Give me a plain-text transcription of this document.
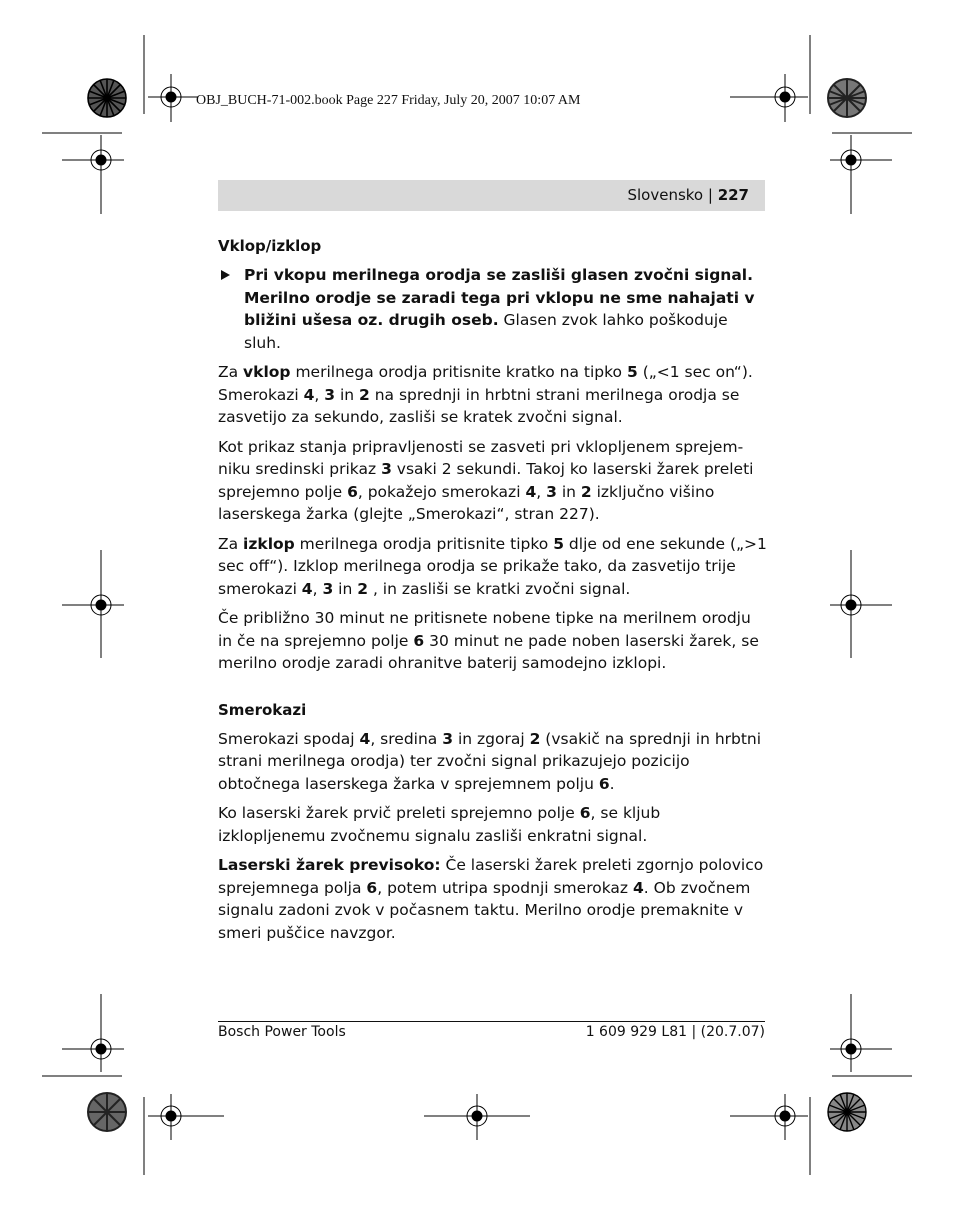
OBJ_BUCH-71-002.book Page 227 Friday, July 20, 2007 10:07 AM
Slovensko | 227
Vklop/izklop
Pri vkopu merilnega orodja se zasliši glasen zvočni signal. Merilno orodje se zaradi tega pri vklopu ne sme nahajati v bližini ušesa oz. drugih oseb. Glasen zvok lahko poškoduje sluh.

Za vklop merilnega orodja pritisnite kratko na tipko 5 („<1 sec on“). Smerokazi 4, 3 in 2 na sprednji in hrbtni strani merilnega orodja se zasvetijo za sekundo, zasliši se kratek zvočni signal.

Kot prikaz stanja pripravljenosti se zasveti pri vklopljenem sprejemniku sredinski prikaz 3 vsaki 2 sekundi. Takoj ko laserski žarek preleti sprejemno polje 6, pokažejo smerokazi 4, 3 in 2 izključno višino laserskega žarka (glejte „Smerokazi“, stran 227).

Za izklop merilnega orodja pritisnite tipko 5 dlje od ene sekunde („>1 sec off“). Izklop merilnega orodja se prikaže tako, da zasvetijo trije smerokazi 4, 3 in 2 , in zasliši se kratki zvočni signal.

Če približno 30 minut ne pritisnete nobene tipke na merilnem orodju in če na sprejemno polje 6 30 minut ne pade noben laserski žarek, se merilno orodje zaradi ohranitve baterij samodejno izklopi.

Smerokazi

Smerokazi spodaj 4, sredina 3 in zgoraj 2 (vsakič na sprednji in hrbtni strani merilnega orodja) ter zvočni signal prikazujejo pozicijo obtočnega laserskega žarka v sprejemnem polju 6.

Ko laserski žarek prvič preleti sprejemno polje 6, se kljub izklopljenemu zvočnemu signalu zasliši enkratni signal.

Laserski žarek previsoko: Če laserski žarek preleti zgornjo polovico sprejemnega polja 6, potem utripa spodnji smerokaz 4. Ob zvočnem signalu zadoni zvok v počasnem taktu. Merilno orodje premaknite v smeri puščice navzgor.

Bosch Power Tools	1 609 929 L81 | (20.7.07)
